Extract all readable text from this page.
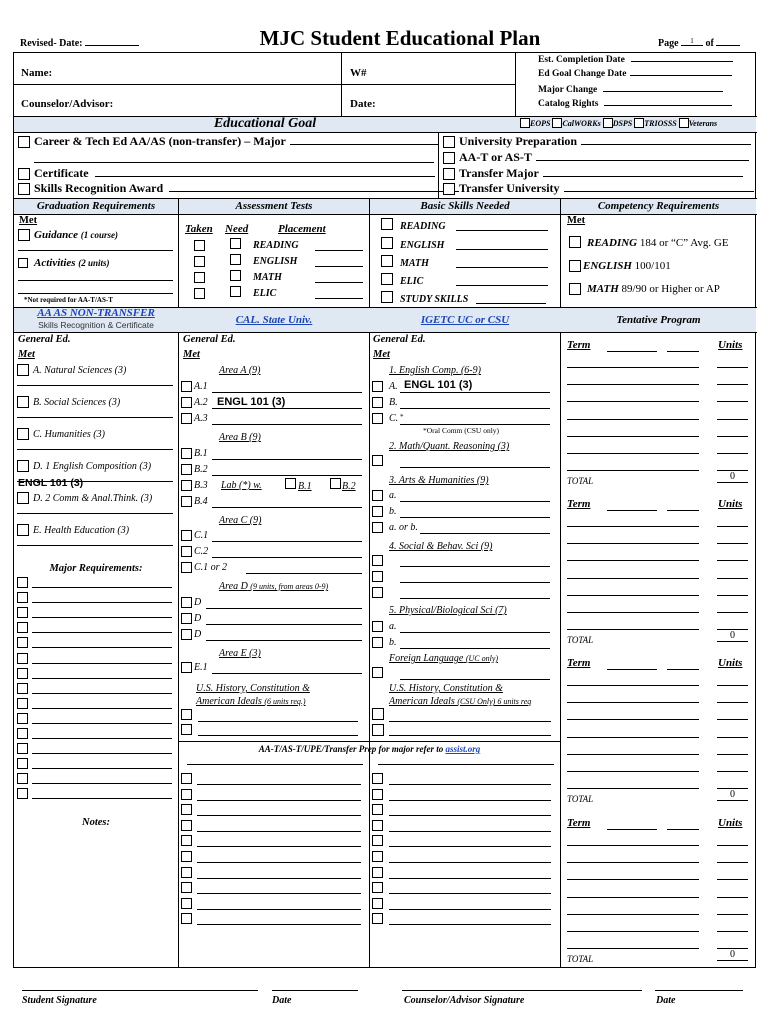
Revised- Date:	MJC Student Educational Plan	Page 1 of
Name:	W#
Counselor/Advisor:	Date:
Est. Completion Date
Ed Goal Change Date
Major Change
Catalog Rights
Educational Goal	EOPS CalWORKs DSPS TRIOSSS Veterans
Career & Tech Ed AA/AS (non-transfer) – Major
Certificate
Skills Recognition Award
University Preparation
AA-T or AS-T
Transfer Major
Transfer University
Graduation Requirements	Assessment Tests	Basic Skills Needed	Competency Requirements
Met
Guidance (1 course)
Activities (2 units)
*Not required for AA-T/AS-T
Taken Need	Placement
READING
ENGLISH
MATH
ELIC
READING
ENGLISH
MATH
ELIC
STUDY SKILLS
Met
READING 184 or “C” Avg. GE
ENGLISH 100/101
MATH 89/90 or Higher or AP
AA AS NON-TRANSFER
Skills Recognition & Certificate	CAL. State Univ.	IGETC UC or CSU	Tentative Program
General Ed.
Met
A. Natural Sciences (3)
B. Social Sciences (3)
C. Humanities (3)
D. 1 English Composition (3)
D. 2 Comm & Anal.Think. (3)
E. Health Education (3)
ENGL 101 (3)
Major Requirements:
Notes:
General Ed.
Met
Area A (9)
A.1
A.2 ENGL 101 (3)
A.3
Area B (9)
B.1
B.2
B.3 Lab (*) w.	B.1	B.2
B.4
Area C (9)
C.1
C.2
C.1 or 2
Area D (9 units, from areas 0-9)
D
D
D
Area E (3)
E.1
U.S. History, Constitution &
American Ideals (6 units req.)
General Ed.
Met
1. English Comp. (6-9)
A. ENGL 101 (3)
B.
C. *
*Oral Comm (CSU only)
2. Math/Quant. Reasoning (3)
3. Arts & Humanities (9)
a.
b.
a. or b.
4. Social & Behav. Sci (9)
5. Physical/Biological Sci (7)
a.
b.
Foreign Language (UC only)
U.S. History, Constitution &
American Ideals (CSU Only) 6 units req
AA-T/AS-T/UPE/Transfer Prep for major refer to assist.org
Term	Units
TOTAL	0
Term	Units
TOTAL	0
Term	Units
TOTAL	0
Term	Units
TOTAL	0
Student Signature	Date	Counselor/Advisor Signature	Date
